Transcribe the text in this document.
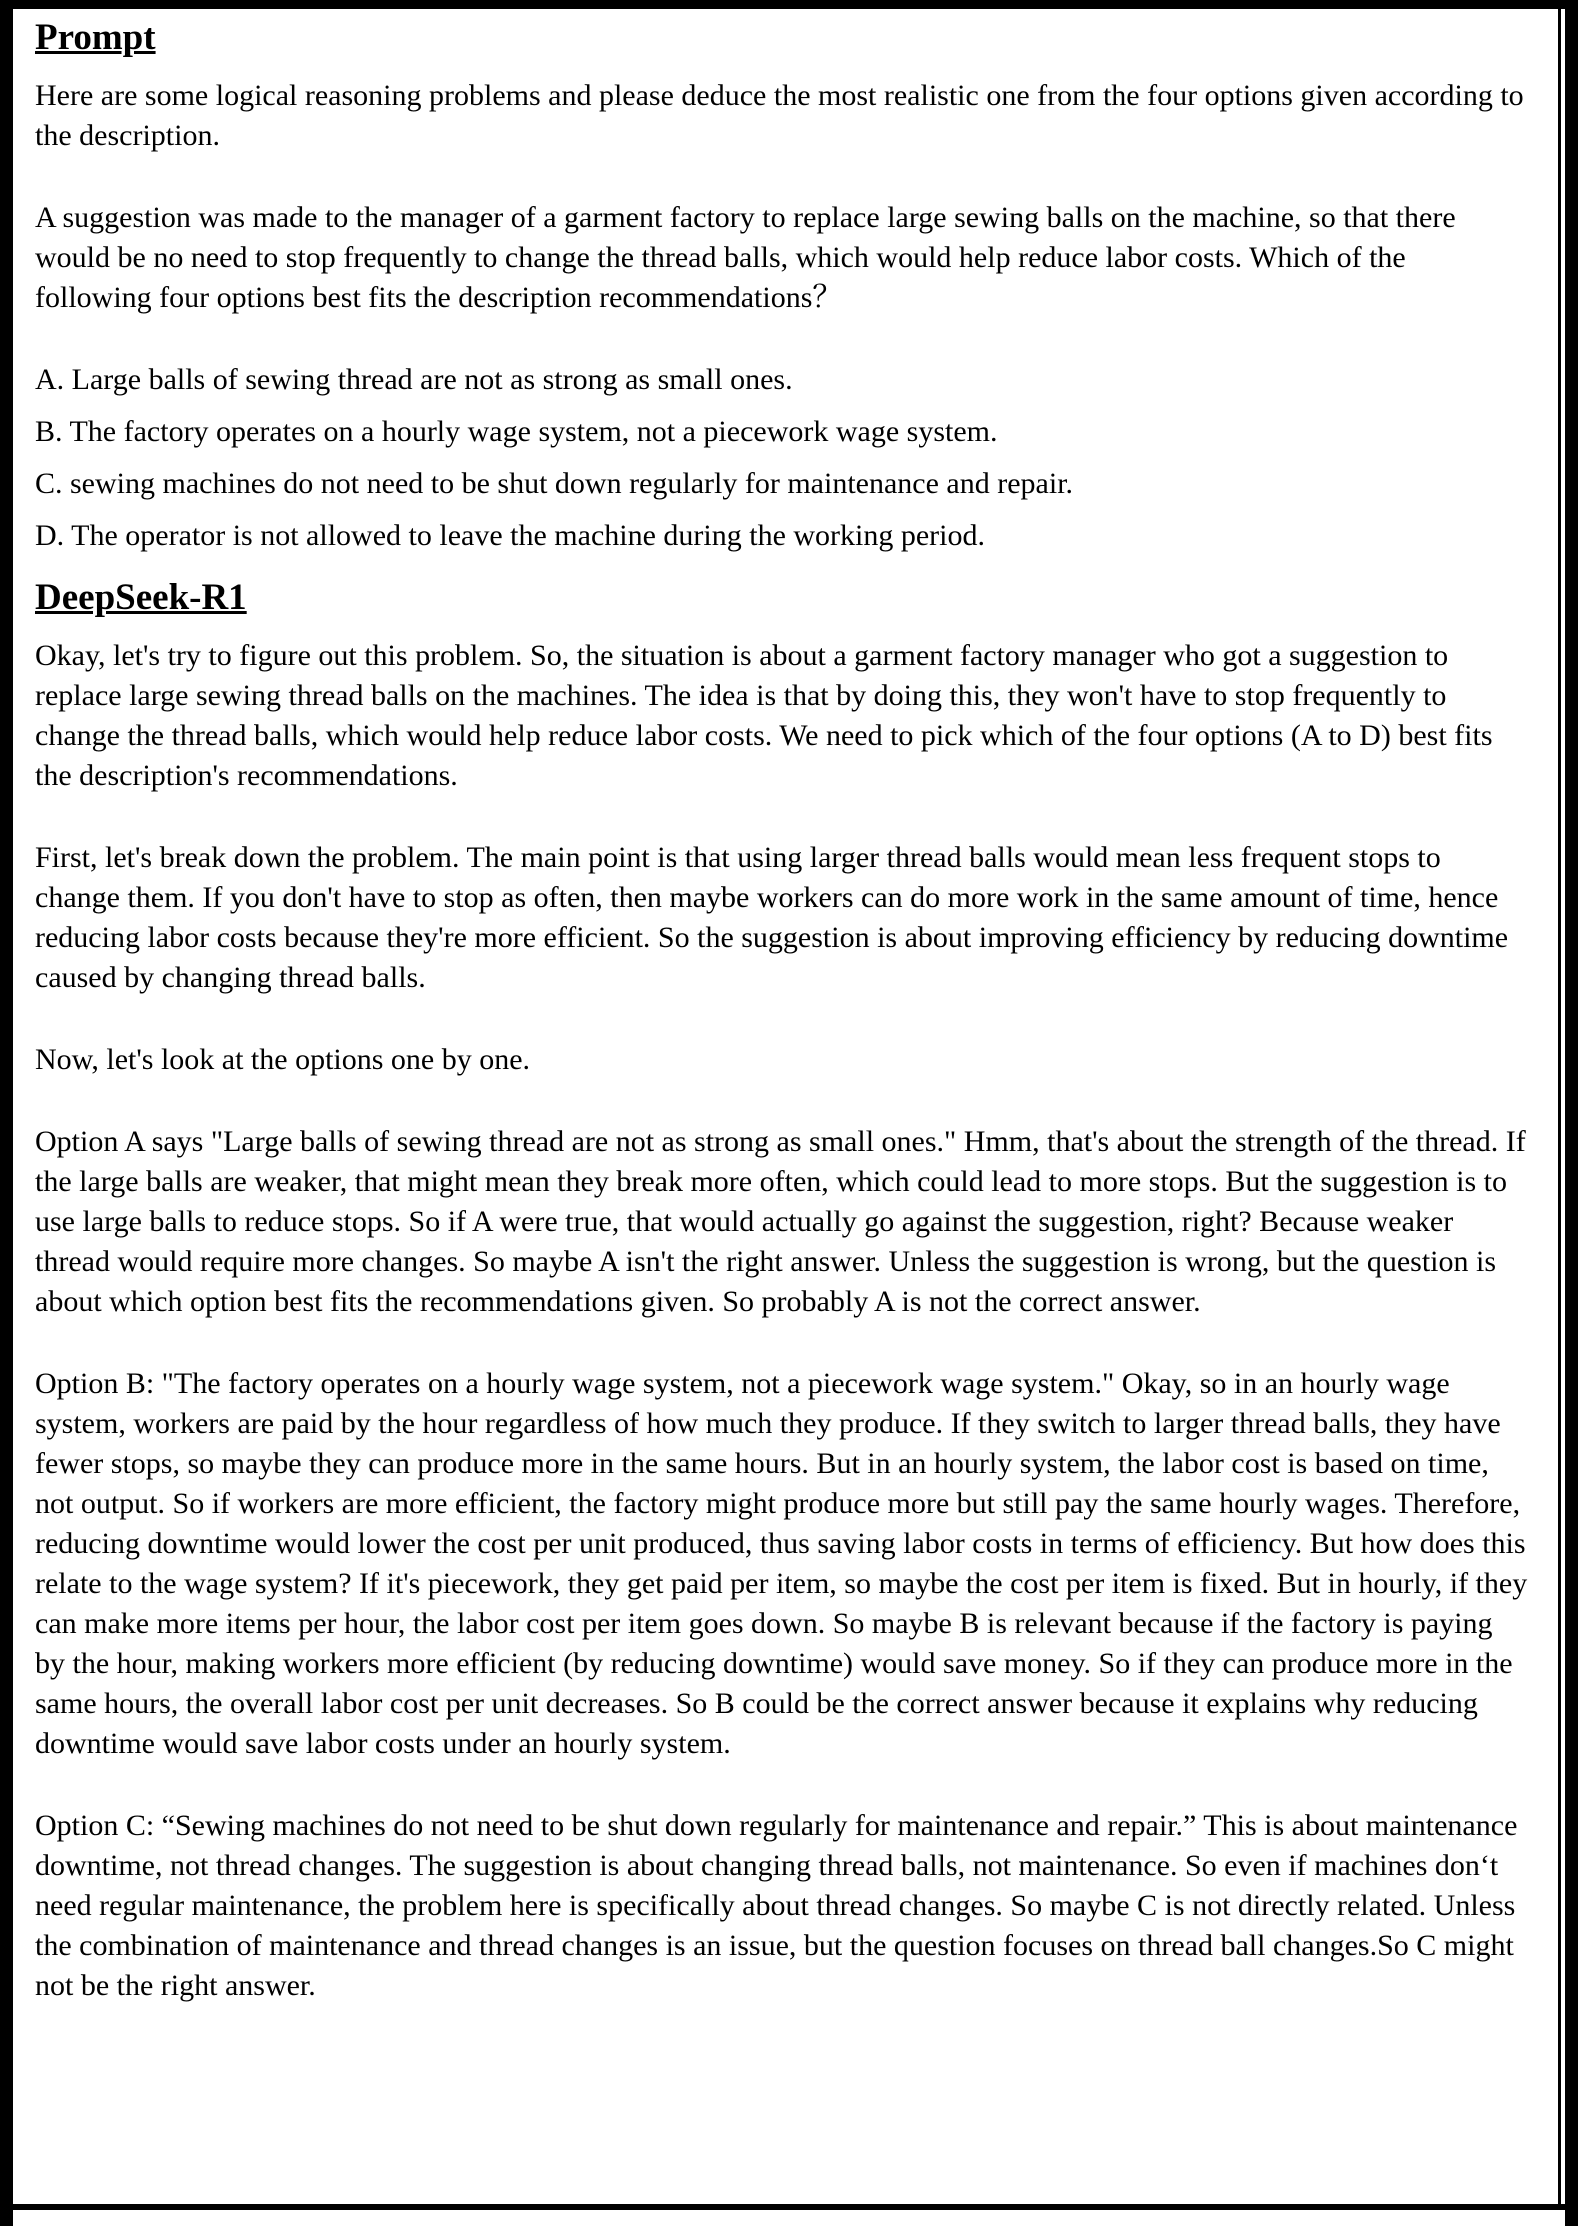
Prompt

Here are some logical reasoning problems and please deduce the most realistic one from the four options given according to the description.

A suggestion was made to the manager of a garment factory to replace large sewing balls on the machine, so that there would be no need to stop frequently to change the thread balls, which would help reduce labor costs. Which of the following four options best fits the description recommendations？

A. Large balls of sewing thread are not as strong as small ones.

B. The factory operates on a hourly wage system, not a piecework wage system.

C. sewing machines do not need to be shut down regularly for maintenance and repair.

D. The operator is not allowed to leave the machine during the working period.

DeepSeek-R1

Okay, let's try to figure out this problem. So, the situation is about a garment factory manager who got a suggestion to replace large sewing thread balls on the machines. The idea is that by doing this, they won't have to stop frequently to change the thread balls, which would help reduce labor costs. We need to pick which of the four options (A to D) best fits the description's recommendations.

First, let's break down the problem. The main point is that using larger thread balls would mean less frequent stops to change them. If you don't have to stop as often, then maybe workers can do more work in the same amount of time, hence reducing labor costs because they're more efficient. So the suggestion is about improving efficiency by reducing downtime caused by changing thread balls.

Now, let's look at the options one by one.

Option A says "Large balls of sewing thread are not as strong as small ones." Hmm, that's about the strength of the thread. If the large balls are weaker, that might mean they break more often, which could lead to more stops. But the suggestion is to use large balls to reduce stops. So if A were true, that would actually go against the suggestion, right? Because weaker thread would require more changes. So maybe A isn't the right answer. Unless the suggestion is wrong, but the question is about which option best fits the recommendations given. So probably A is not the correct answer.

Option B: "The factory operates on a hourly wage system, not a piecework wage system." Okay, so in an hourly wage system, workers are paid by the hour regardless of how much they produce. If they switch to larger thread balls, they have fewer stops, so maybe they can produce more in the same hours. But in an hourly system, the labor cost is based on time, not output. So if workers are more efficient, the factory might produce more but still pay the same hourly wages. Therefore, reducing downtime would lower the cost per unit produced, thus saving labor costs in terms of efficiency. But how does this relate to the wage system? If it's piecework, they get paid per item, so maybe the cost per item is fixed. But in hourly, if they can make more items per hour, the labor cost per item goes down. So maybe B is relevant because if the factory is paying by the hour, making workers more efficient (by reducing downtime) would save money. So if they can produce more in the same hours, the overall labor cost per unit decreases. So B could be the correct answer because it explains why reducing downtime would save labor costs under an hourly system.

Option C: “Sewing machines do not need to be shut down regularly for maintenance and repair.” This is about maintenance downtime, not thread changes. The suggestion is about changing thread balls, not maintenance. So even if machines don‘t need regular maintenance, the problem here is specifically about thread changes. So maybe C is not directly related. Unless the combination of maintenance and thread changes is an issue, but the question focuses on thread ball changes.So C might not be the right answer.
